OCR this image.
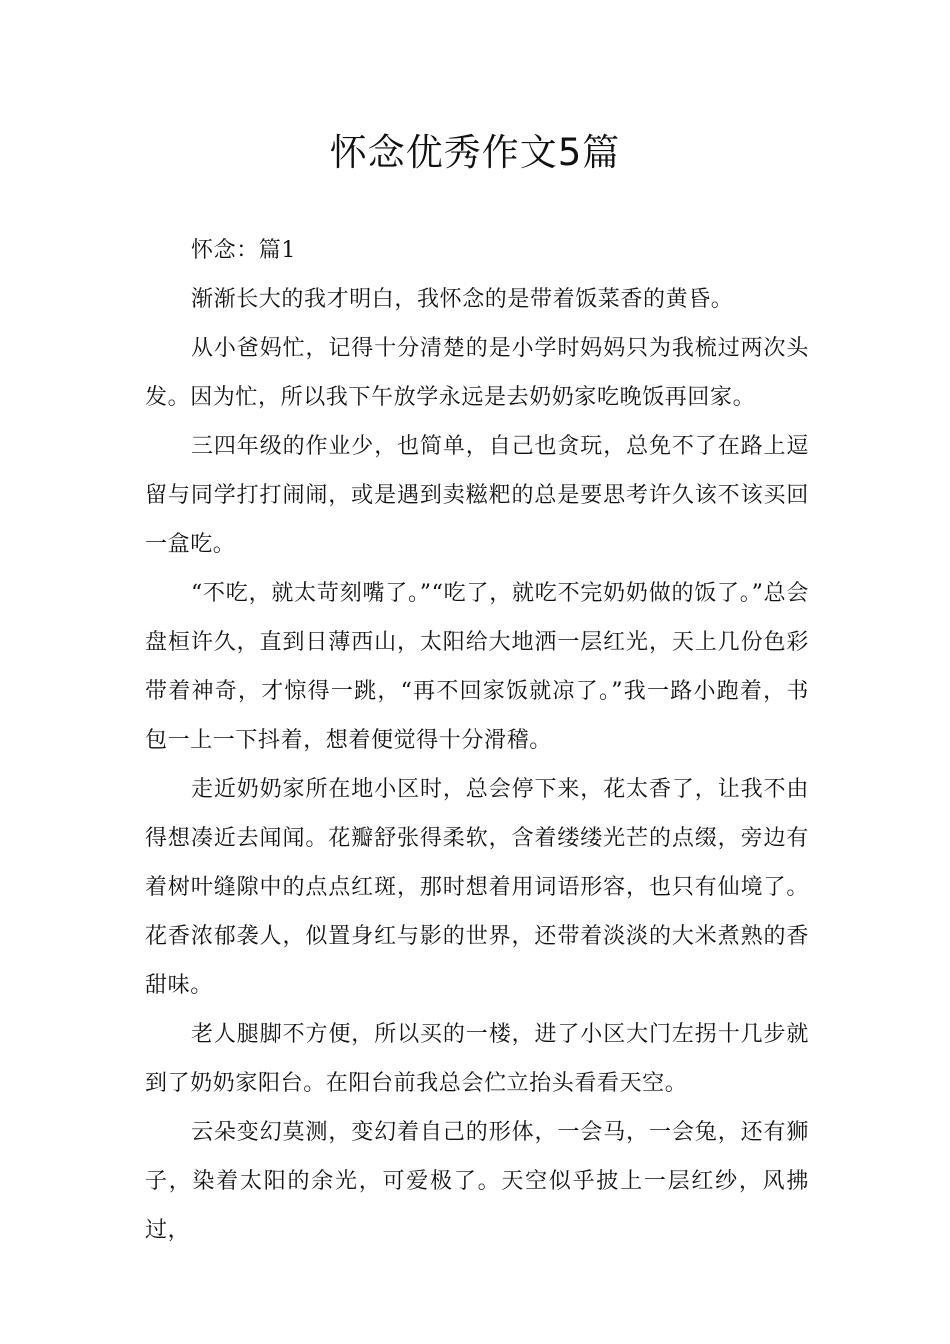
怀念优秀作文5篇

怀念：篇1

渐渐长大的我才明白，我怀念的是带着饭菜香的黄昏。

从小爸妈忙，记得十分清楚的是小学时妈妈只为我梳过两次头发。因为忙，所以我下午放学永远是去奶奶家吃晚饭再回家。

三四年级的作业少，也简单，自己也贪玩，总免不了在路上逗留与同学打打闹闹，或是遇到卖糍粑的总是要思考许久该不该买回一盒吃。

“不吃，就太苛刻嘴了。”“吃了，就吃不完奶奶做的饭了。”总会盘桓许久，直到日薄西山，太阳给大地洒一层红光，天上几份色彩带着神奇，才惊得一跳，“再不回家饭就凉了。”我一路小跑着，书包一上一下抖着，想着便觉得十分滑稽。

走近奶奶家所在地小区时，总会停下来，花太香了，让我不由得想凑近去闻闻。花瓣舒张得柔软，含着缕缕光芒的点缀，旁边有着树叶缝隙中的点点红斑，那时想着用词语形容，也只有仙境了。花香浓郁袭人，似置身红与影的世界，还带着淡淡的大米煮熟的香甜味。

老人腿脚不方便，所以买的一楼，进了小区大门左拐十几步就到了奶奶家阳台。在阳台前我总会伫立抬头看看天空。

云朵变幻莫测，变幻着自己的形体，一会马，一会兔，还有狮子，染着太阳的余光，可爱极了。天空似乎披上一层红纱，风拂过，
